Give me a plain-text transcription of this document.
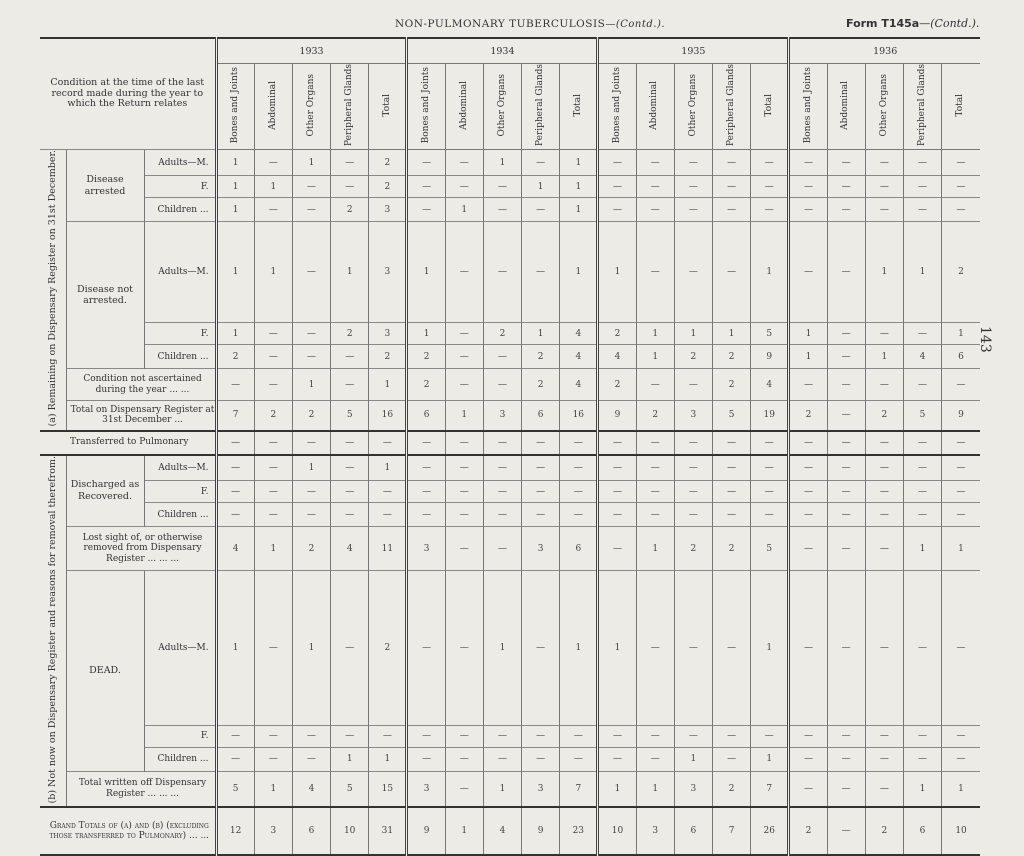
NON-PULMONARY TUBERCULOSIS—(Contd.).	Form T145a—(Contd.).
143
Condition at the time of the last record made during the year to which the Return relates			1933					1934					1935					1936				
			Bones and Joints	Abdominal	Other Organs	Peripheral Glands	Total	Bones and Joints	Abdominal	Other Organs	Peripheral Glands	Total	Bones and Joints	Abdominal	Other Organs	Peripheral Glands	Total	Bones and Joints	Abdominal	Other Organs	Peripheral Glands	Total
(a) Remaining on Dispensary Register on 31st December.	Disease arrested	Adults—M.	1	—	1	—	2	—	—	1	—	1	—	—	—	—	—	—	—	—	—	—
		F.	1	1	—	—	2	—	—	—	1	1	—	—	—	—	—	—	—	—	—	—
		Children ...	1	—	—	2	3	—	1	—	—	1	—	—	—	—	—	—	—	—	—	—
	Disease not arrested.	Adults—M.	1	1	—	1	3	1	—	—	—	1	1	—	—	—	1	—	—	1	1	2
		F.	1	—	—	2	3	1	—	2	1	4	2	1	1	1	5	1	—	—	—	1
		Children ...	2	—	—	—	2	2	—	—	2	4	4	1	2	2	9	1	—	1	4	6
	Condition not ascertained during the year ... ...		—	—	1	—	1	2	—	—	2	4	2	—	—	2	4	—	—	—	—	—
	Total on Dispensary Register at 31st December ...		7	2	2	5	16	6	1	3	6	16	9	2	3	5	19	2	—	2	5	9
Transferred to Pulmonary			—	—	—	—	—	—	—	—	—	—	—	—	—	—	—	—	—	—	—	—
(b) Not now on Dispensary Register and reasons for removal therefrom.	Discharged as Recovered.	Adults—M.	—	—	1	—	1	—	—	—	—	—	—	—	—	—	—	—	—	—	—	—
		F.	—	—	—	—	—	—	—	—	—	—	—	—	—	—	—	—	—	—	—	—
		Children ...	—	—	—	—	—	—	—	—	—	—	—	—	—	—	—	—	—	—	—	—
	Lost sight of, or otherwise removed from Dispensary Register ... ... ...		4	1	2	4	11	3	—	—	3	6	—	1	2	2	5	—	—	—	1	1
	DEAD.	Adults—M.	1	—	1	—	2	—	—	1	—	1	1	—	—	—	1	—	—	—	—	—
		F.	—	—	—	—	—	—	—	—	—	—	—	—	—	—	—	—	—	—	—	—
		Children ...	—	—	—	1	1	—	—	—	—	—	—	—	1	—	1	—	—	—	—	—
	Total written off Dispensary Register ... ... ...		5	1	4	5	15	3	—	1	3	7	1	1	3	2	7	—	—	—	1	1
Grand Totals of (a) and (b) (excluding those transferred to Pulmonary) ... ...			12	3	6	10	31	9	1	4	9	23	10	3	6	7	26	2	—	2	6	10
